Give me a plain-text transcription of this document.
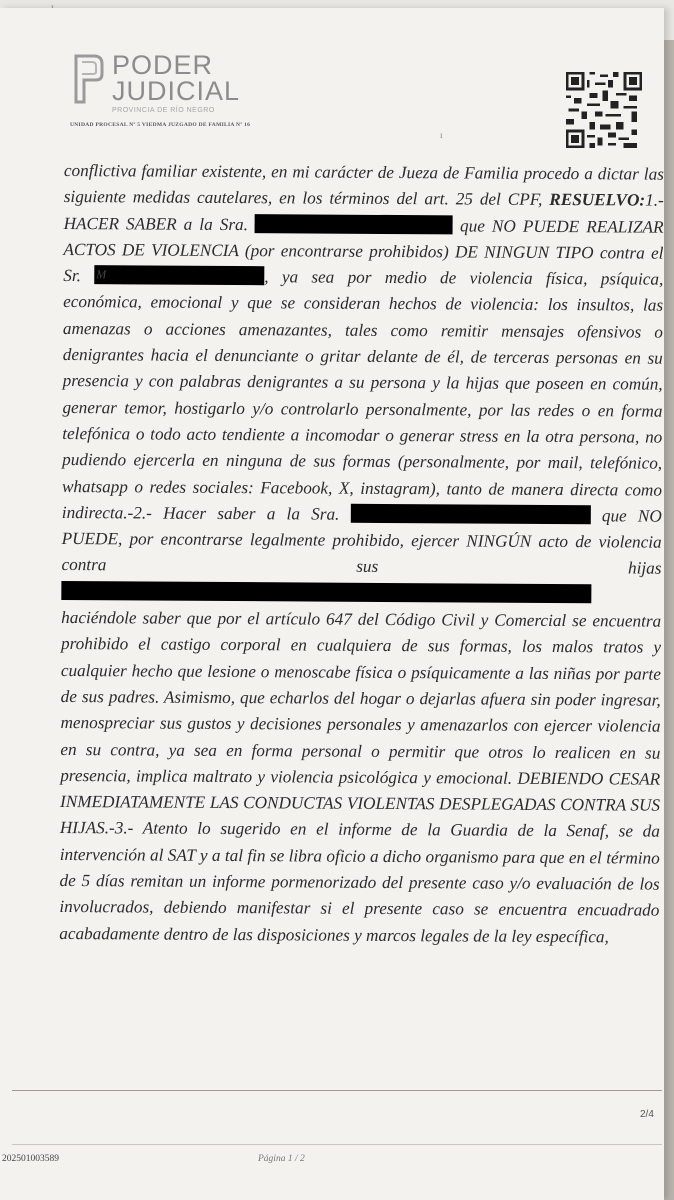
PODER
JUDICIAL
PROVINCIA DE RÍO NEGRO
UNIDAD PROCESAL Nº 5 VIEDMA JUZGADO DE FAMILIA Nº 16
ı

conflictiva familiar existente, en mi carácter de Jueza de Familia procedo a dictar las siguiente medidas cautelares, en los términos del art. 25 del CPF, RESUELVO:1.- HACER SABER a la Sra.	que NO PUEDE REALIZAR ACTOS DE VIOLENCIA (por encontrarse prohibidos) DE NINGUN TIPO contra el Sr. M	, ya sea por medio de violencia física, psíquica, económica, emocional y que se consideran hechos de violencia: los insultos, las amenazas o acciones amenazantes, tales como remitir mensajes ofensivos o denigrantes hacia el denunciante o gritar delante de él, de terceras personas en su presencia y con palabras denigrantes a su persona y la hijas que poseen en común, generar temor, hostigarlo y/o controlarlo personalmente, por las redes o en forma telefónica o todo acto tendiente a incomodar o generar stress en la otra persona, no pudiendo ejercerla en ninguna de sus formas (personalmente, por mail, telefónico, whatsapp o redes sociales: Facebook, X, instagram), tanto de manera directa como indirecta.-2.- Hacer saber a la Sra.	que NO PUEDE, por encontrarse legalmente prohibido, ejercer NINGÚN acto de violencia contra sus hijas  haciéndole saber que por el artículo 647 del Código Civil y Comercial se encuentra prohibido el castigo corporal en cualquiera de sus formas, los malos tratos y cualquier hecho que lesione o menoscabe física o psíquicamente a las niñas por parte de sus padres. Asimismo, que echarlos del hogar o dejarlas afuera sin poder ingresar, menospreciar sus gustos y decisiones personales y amenazarlos con ejercer violencia en su contra, ya sea en forma personal o permitir que otros lo realicen en su presencia, implica maltrato y violencia psicológica y emocional. DEBIENDO CESAR INMEDIATAMENTE LAS CONDUCTAS VIOLENTAS DESPLEGADAS CONTRA SUS HIJAS.-3.- Atento lo sugerido en el informe de la Guardia de la Senaf, se da intervención al SAT y a tal fin se libra oficio a dicho organismo para que en el término de 5 días remitan un informe pormenorizado del presente caso y/o evaluación de los involucrados, debiendo manifestar si el presente caso se encuentra encuadrado acabadamente dentro de las disposiciones y marcos legales de la ley específica,

2/4
202501003589	Página 1 / 2
